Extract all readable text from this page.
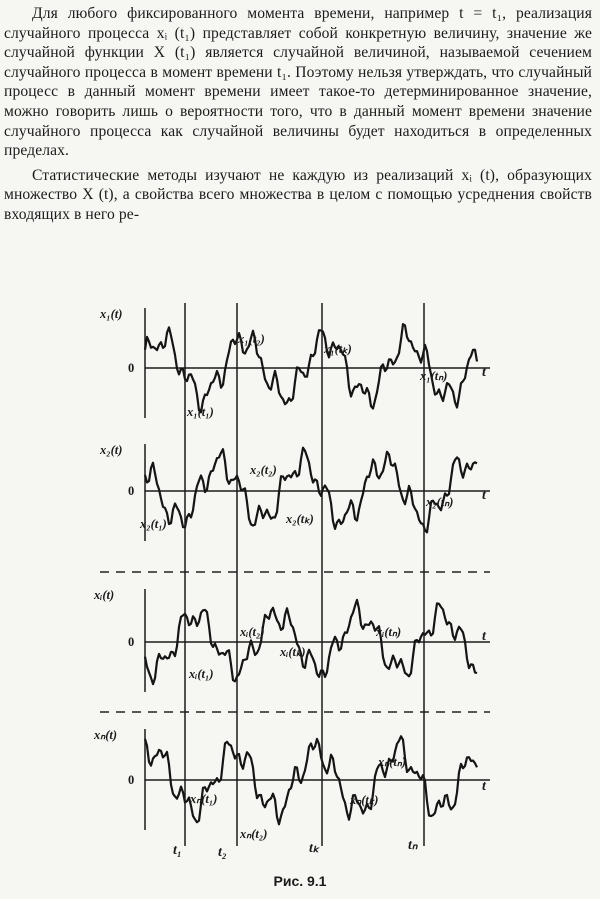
Для любого фиксированного момента времени, например t = t₁, реализация случайного процесса xᵢ (t₁) представляет собой конкретную величину, значение же случайной функции X (t₁) является случайной величиной, называемой сечением случайного процесса в момент времени t₁. Поэтому нельзя утверждать, что случайный процесс в данный момент времени имеет такое-то детерминированное значение, можно говорить лишь о вероятности того, что в данный момент времени значение случайного процесса как случайной величины будет находиться в определенных пределах.

Статистические методы изучают не каждую из реализаций xᵢ (t), образующих множество X (t), а свойства всего множества в целом с помощью усреднения свойств входящих в него ре-

x₁(t)
0	t
x₁(t₁)
x₁(t₂)
x₁(tₖ)
x₁(tₙ)
x₂(t)
0	t
x₂(t₁)
x₂(t₂)
x₂(tₖ)
x₂(tₙ)
xᵢ(t)
0	t
xᵢ(t₁)
xᵢ(t₂)
xᵢ(tₖ)
xᵢ(tₙ)
xₙ(t)
0	t
xₙ(t₁)
xₙ(t₂)
xₙ(tₖ)
xₙ(tₙ)
t₁	t₂	tₖ	tₙ
Рис. 9.1
